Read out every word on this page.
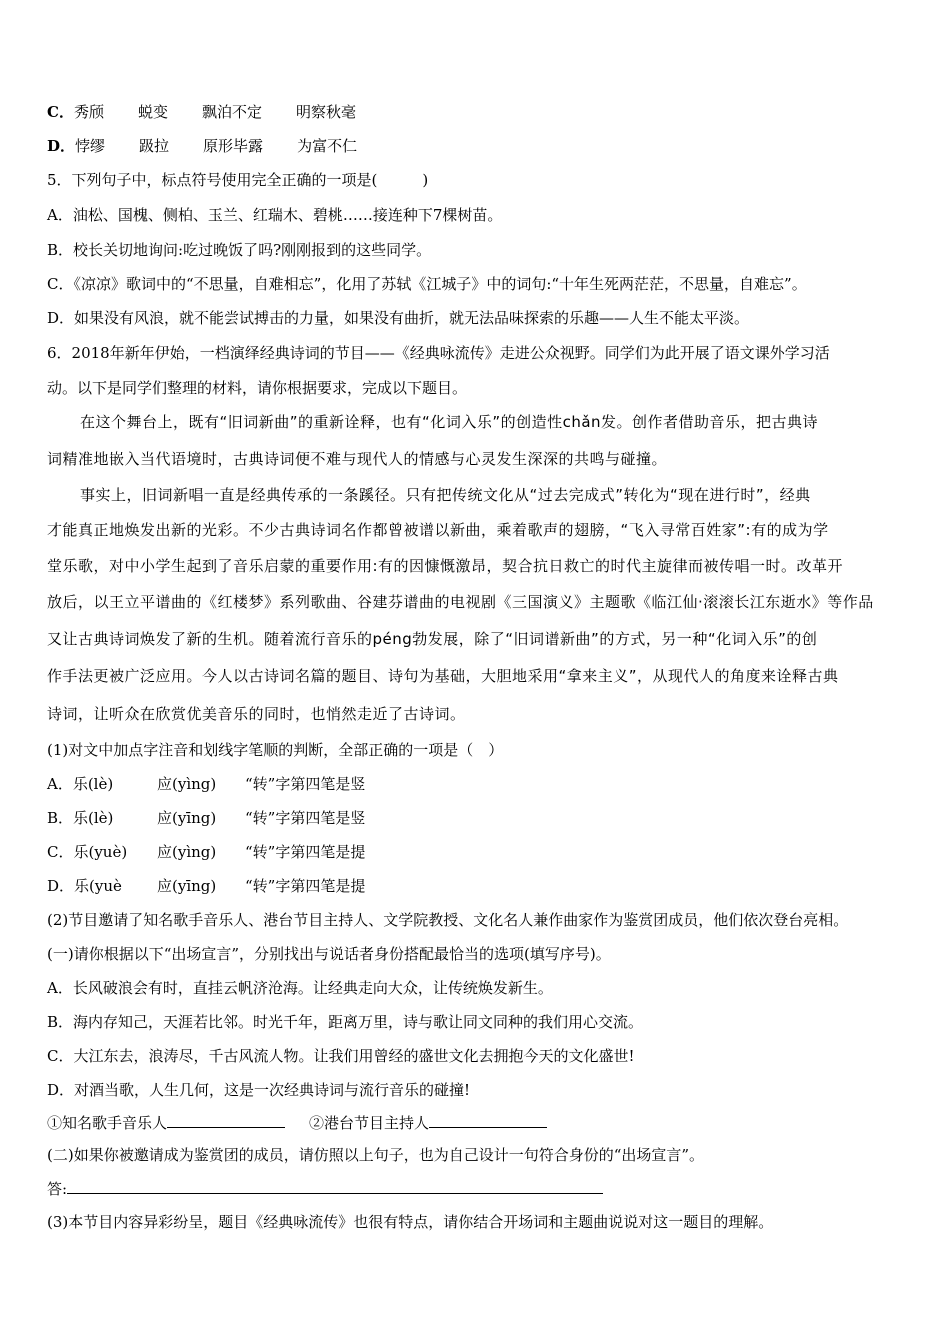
C．秀颀 蜕变 飘泊不定 明察秋毫
D．悖缪 趿拉 原形毕露 为富不仁
5．下列句子中，标点符号使用完全正确的一项是(　　　)
A．油松、国槐、侧柏、玉兰、红瑞木、碧桃……接连种下7棵树苗。
B．校长关切地询问:吃过晚饭了吗?刚刚报到的这些同学。
C．《凉凉》歌词中的“不思量，自难相忘”，化用了苏轼《江城子》中的词句:“十年生死两茫茫，不思量，自难忘”。
D．如果没有风浪，就不能尝试搏击的力量，如果没有曲折，就无法品味探索的乐趣——人生不能太平淡。
6．2018年新年伊始，一档演绎经典诗词的节目——《经典咏流传》走进公众视野。同学们为此开展了语文课外学习活
动。以下是同学们整理的材料，请你根据要求，完成以下题目。
在这个舞台上，既有“旧词新曲”的重新诠释，也有“化词入乐”的创造性chǎn发。创作者借助音乐，把古典诗
词精准地嵌入当代语境时，古典诗词便不难与现代人的情感与心灵发生深深的共鸣与碰撞。
事实上，旧词新唱一直是经典传承的一条蹊径。只有把传统文化从“过去完成式”转化为“现在进行时”，经典
才能真正地焕发出新的光彩。不少古典诗词名作都曾被谱以新曲，乘着歌声的翅膀，“飞入寻常百姓家”:有的成为学
堂乐歌，对中小学生起到了音乐启蒙的重要作用:有的因慷慨激昂，契合抗日救亡的时代主旋律而被传唱一时。改革开
放后，以王立平谱曲的《红楼梦》系列歌曲、谷建芬谱曲的电视剧《三国演义》主题歌《临江仙·滚滚长江东逝水》等作品
又让古典诗词焕发了新的生机。随着流行音乐的péng勃发展，除了“旧词谱新曲”的方式，另一种“化词入乐”的创
作手法更被广泛应用。今人以古诗词名篇的题目、诗句为基础，大胆地采用“拿来主义”，从现代人的角度来诠释古典
诗词，让听众在欣赏优美音乐的同时，也悄然走近了古诗词。
(1)对文中加点字注音和划线字笔顺的判断，全部正确的一项是（　）
A．乐(lè)	应(yìng) “转”字第四笔是竖
B．乐(lè)	应(yīng) “转”字第四笔是竖
C．乐(yuè) 应(yìng) “转”字第四笔是提
D．乐(yuè 应(yīng) “转”字第四笔是提
(2)节目邀请了知名歌手音乐人、港台节目主持人、文学院教授、文化名人兼作曲家作为鉴赏团成员，他们依次登台亮相。
(一)请你根据以下“出场宣言”，分别找出与说话者身份搭配最恰当的选项(填写序号)。
A．长风破浪会有时，直挂云帆济沧海。让经典走向大众，让传统焕发新生。
B．海内存知己，天涯若比邻。时光千年，距离万里，诗与歌让同文同种的我们用心交流。
C．大江东去，浪涛尽，千古风流人物。让我们用曾经的盛世文化去拥抱今天的文化盛世!
D．对酒当歌，人生几何，这是一次经典诗词与流行音乐的碰撞!
①知名歌手音乐人	②港台节目主持人
(二)如果你被邀请成为鉴赏团的成员，请仿照以上句子，也为自己设计一句符合身份的“出场宣言”。
答:
(3)本节目内容异彩纷呈，题目《经典咏流传》也很有特点，请你结合开场词和主题曲说说对这一题目的理解。
